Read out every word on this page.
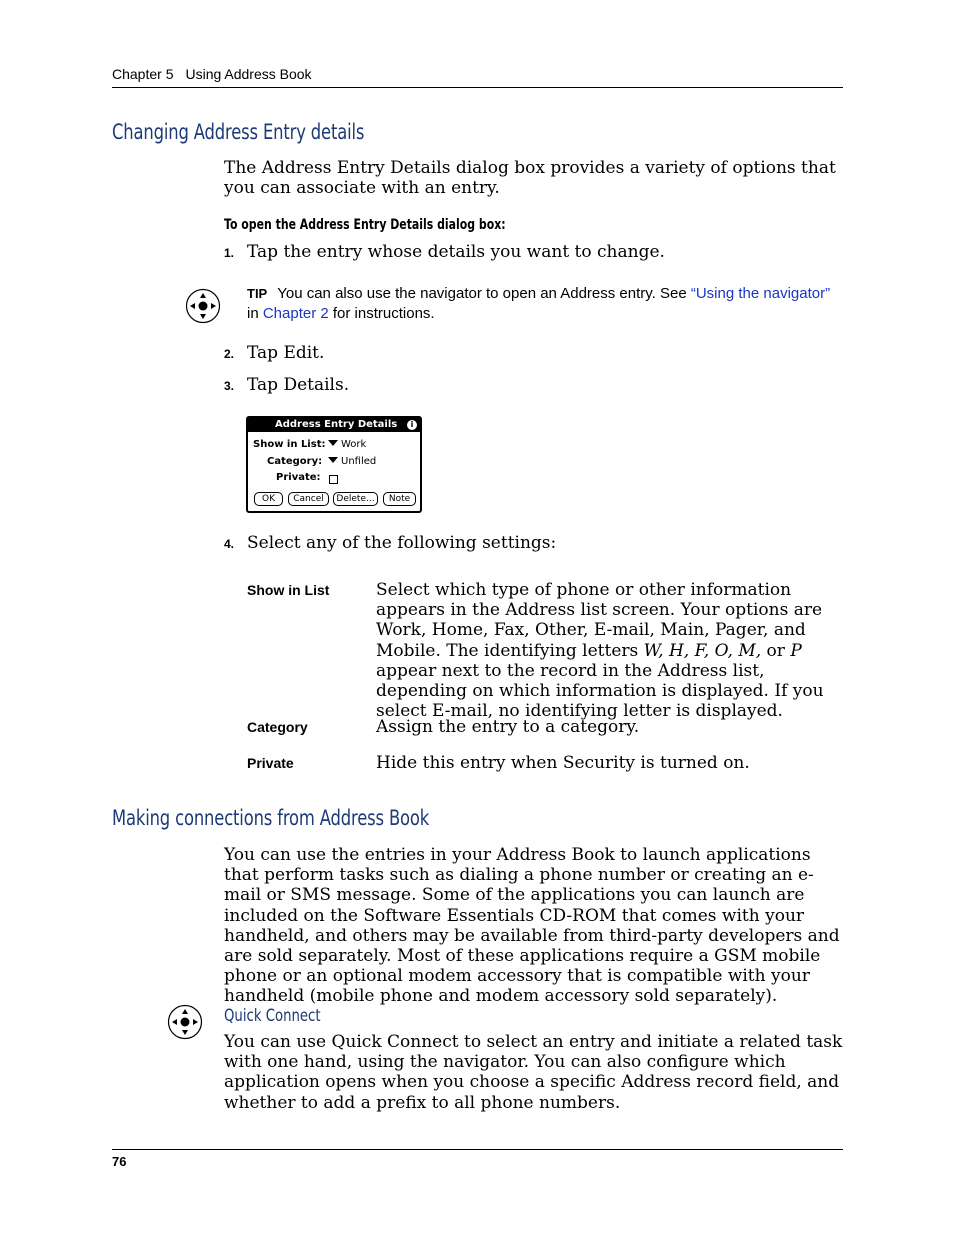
Chapter 5 Using Address Book
Changing Address Entry details
The Address Entry Details dialog box provides a variety of options that you can associate with an entry.
To open the Address Entry Details dialog box:
1. Tap the entry whose details you want to change.
TIP You can also use the navigator to open an Address entry. See “Using the navigator” in Chapter 2 for instructions.
2. Tap Edit.
3. Tap Details.
Address Entry Details	i
Show in List:	Work
Category:	Unfiled
Private:
OK	Cancel	Delete...	Note
4. Select any of the following settings:
Show in List	Select which type of phone or other information appears in the Address list screen. Your options are Work, Home, Fax, Other, E-mail, Main, Pager, and Mobile. The identifying letters W, H, F, O, M, or P appear next to the record in the Address list, depending on which information is displayed. If you select E-mail, no identifying letter is displayed.
Category	Assign the entry to a category.
Private	Hide this entry when Security is turned on.
Making connections from Address Book
You can use the entries in your Address Book to launch applications that perform tasks such as dialing a phone number or creating an e-mail or SMS message. Some of the applications you can launch are included on the Software Essentials CD-ROM that comes with your handheld, and others may be available from third-party developers and are sold separately. Most of these applications require a GSM mobile phone or an optional modem accessory that is compatible with your handheld (mobile phone and modem accessory sold separately).
Quick Connect
You can use Quick Connect to select an entry and initiate a related task with one hand, using the navigator. You can also configure which application opens when you choose a specific Address record field, and whether to add a prefix to all phone numbers.
76
